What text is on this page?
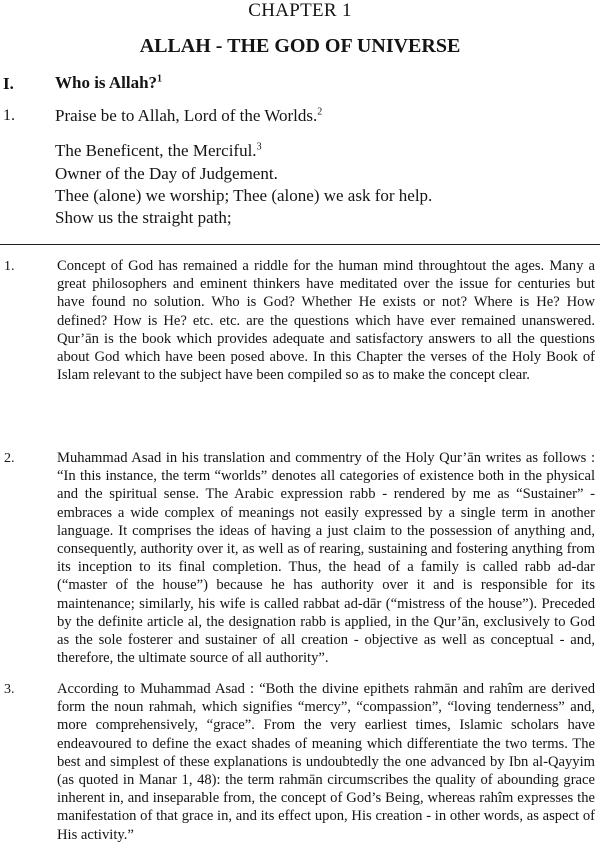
CHAPTER 1
ALLAH - THE GOD OF UNIVERSE
I. Who is Allah?$^1$
1. Praise be to Allah, Lord of the Worlds.$^2$
The Beneficent, the Merciful.$^3$
Owner of the Day of Judgement.
Thee (alone) we worship; Thee (alone) we ask for help.
Show us the straight path;
1.	Concept of God has remained a riddle for the human mind throughtout the ages. Many a great philosophers and eminent thinkers have meditated over the issue for centuries but have found no solution. Who is God? Whether He exists or not? Where is He? How defined? How is He? etc. etc. are the questions which have ever remained unanswered. Qur’ān is the book which provides adequate and satisfactory answers to all the questions about God which have been posed above. In this Chapter the verses of the Holy Book of Islam relevant to the subject have been compiled so as to make the concept clear.
2.	Muhammad Asad in his translation and commentry of the Holy Qur’ān writes as follows : “In this instance, the term “worlds” denotes all categories of existence both in the physical and the spiritual sense. The Arabic expression rabb - rendered by me as “Sustainer” - embraces a wide complex of meanings not easily expressed by a single term in another language. It comprises the ideas of having a just claim to the possession of anything and, consequently, authority over it, as well as of rearing, sustaining and fostering anything from its inception to its final completion. Thus, the head of a family is called rabb ad-dar (“master of the house”) because he has authority over it and is responsible for its maintenance; similarly, his wife is called rabbat ad-dār (“mistress of the house”). Preceded by the definite article al, the designation rabb is applied, in the Qur’ān, exclusively to God as the sole fosterer and sustainer of all creation - objective as well as conceptual - and, therefore, the ultimate source of all authority”.
3.	According to Muhammad Asad : “Both the divine epithets rahmān and rahîm are derived form the noun rahmah, which signifies “mercy”, “compassion”, “loving tenderness” and, more comprehensively, “grace”. From the very earliest times, Islamic scholars have endeavoured to define the exact shades of meaning which differentiate the two terms. The best and simplest of these explanations is undoubtedly the one advanced by Ibn al-Qayyim (as quoted in Manar 1, 48): the term rahmān circumscribes the quality of abounding grace inherent in, and inseparable from, the concept of God’s Being, whereas rahîm expresses the manifestation of that grace in, and its effect upon, His creation - in other words, as aspect of His activity.”
